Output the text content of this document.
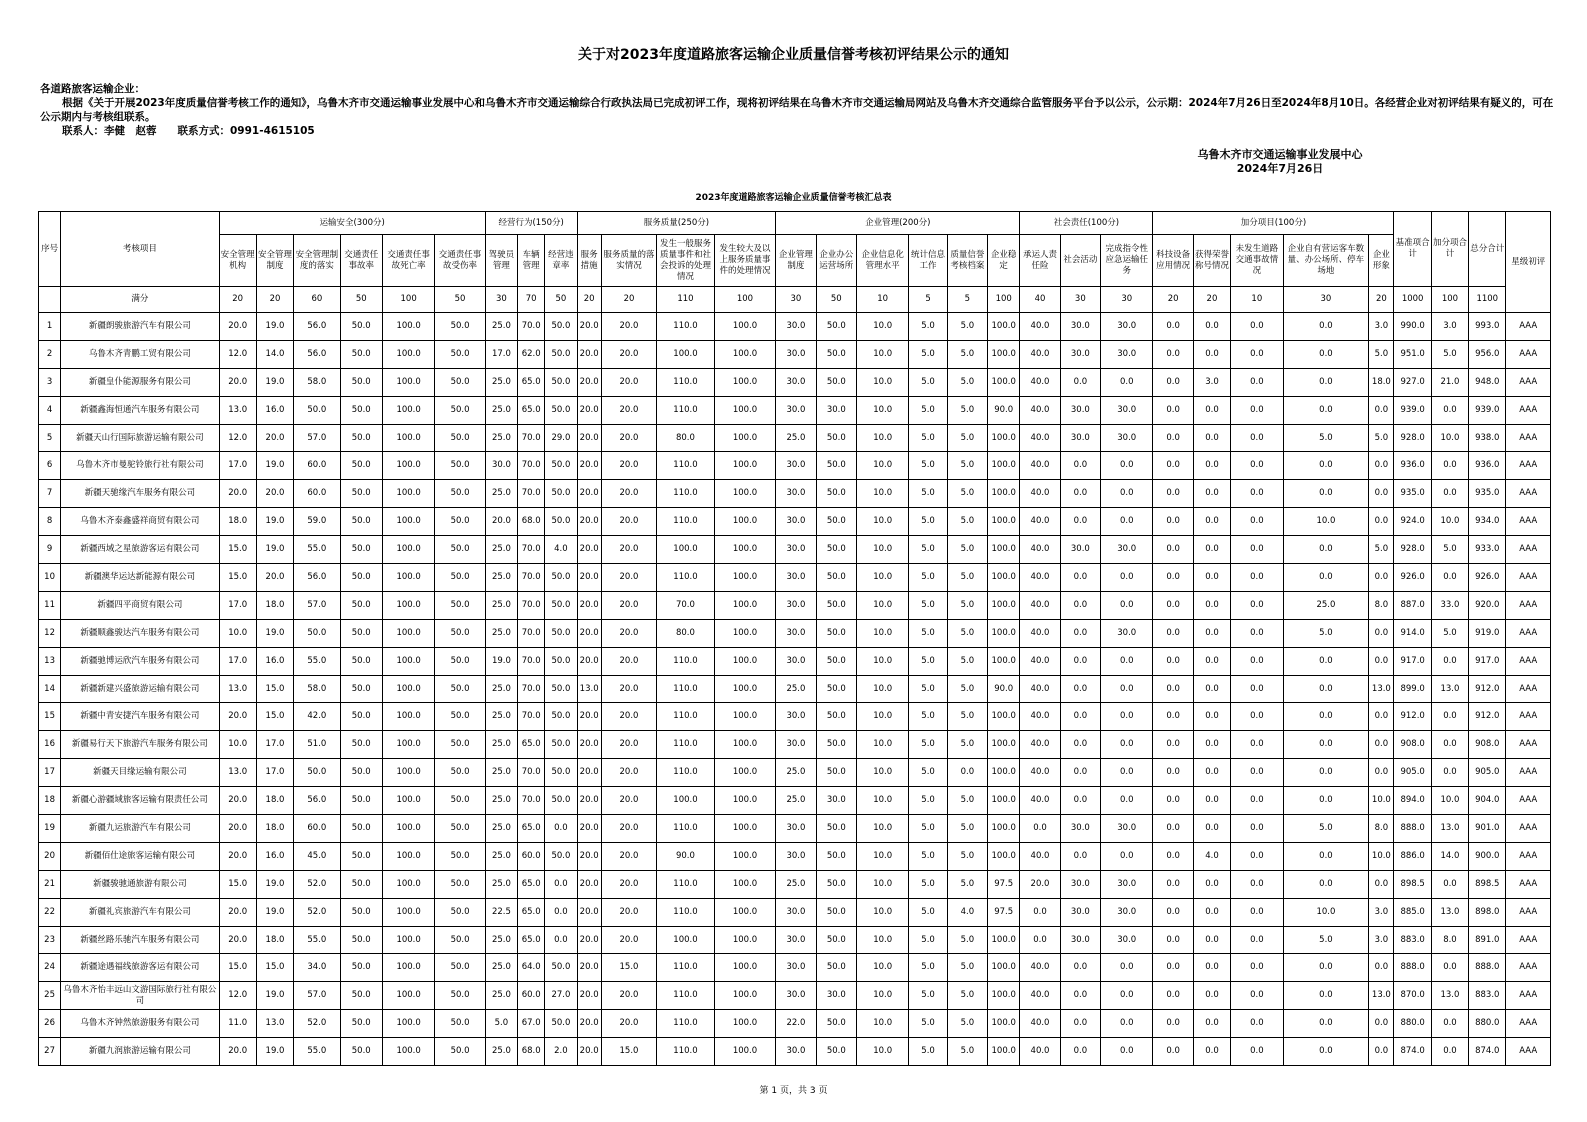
关于对2023年度道路旅客运输企业质量信誉考核初评结果公示的通知

各道路旅客运输企业：

根据《关于开展2023年度质量信誉考核工作的通知》，乌鲁木齐市交通运输事业发展中心和乌鲁木齐市交通运输综合行政执法局已完成初评工作，现将初评结果在乌鲁木齐市交通运输局网站及乌鲁木齐交通综合监管服务平台予以公示，公示期：2024年7月26日至2024年8月10日。各经营企业对初评结果有疑义的，可在公示期内与考核组联系。

联系人：李健　赵蓉　　联系方式：0991-4615105

乌鲁木齐市交通运输事业发展中心
2024年7月26日
2023年度道路旅客运输企业质量信誉考核汇总表
序号	考核项目	运输安全(300分)						经营行为(150分)			服务质量(250分)				企业管理(200分)						社会责任(100分)			加分项目(100分)					基准项合计	加分项合计	总分合计	星级初评
		安全管理机构	安全管理制度	安全管理制度的落实	交通责任事故率	交通责任事故死亡率	交通责任事故受伤率	驾驶员管理	车辆管理	经营违章率	服务措施	服务质量的落实情况	发生一般服务质量事件和社会投诉的处理情况	发生较大及以上服务质量事件的处理情况	企业管理制度	企业办公运营场所	企业信息化管理水平	统计信息工作	质量信誉考核档案	企业稳定	承运人责任险	社会活动	完成指令性应急运输任务	科技设备应用情况	获得荣誉称号情况	未发生道路交通事故情况	企业自有营运客车数量、办公场所、停车场地	企业形象				
	满分	20	20	60	50	100	50	30	70	50	20	20	110	100	30	50	10	5	5	100	40	30	30	20	20	10	30	20	1000	100	1100	
1	新疆朗骏旅游汽车有限公司	20.0	19.0	56.0	50.0	100.0	50.0	25.0	70.0	50.0	20.0	20.0	110.0	100.0	30.0	50.0	10.0	5.0	5.0	100.0	40.0	30.0	30.0	0.0	0.0	0.0	0.0	3.0	990.0	3.0	993.0	AAA
2	乌鲁木齐青鹏工贸有限公司	12.0	14.0	56.0	50.0	100.0	50.0	17.0	62.0	50.0	20.0	20.0	100.0	100.0	30.0	50.0	10.0	5.0	5.0	100.0	40.0	30.0	30.0	0.0	0.0	0.0	0.0	5.0	951.0	5.0	956.0	AAA
3	新疆皇仆能源服务有限公司	20.0	19.0	58.0	50.0	100.0	50.0	25.0	65.0	50.0	20.0	20.0	110.0	100.0	30.0	50.0	10.0	5.0	5.0	100.0	40.0	0.0	0.0	0.0	3.0	0.0	0.0	18.0	927.0	21.0	948.0	AAA
4	新疆鑫海恒通汽车服务有限公司	13.0	16.0	50.0	50.0	100.0	50.0	25.0	65.0	50.0	20.0	20.0	110.0	100.0	30.0	30.0	10.0	5.0	5.0	90.0	40.0	30.0	30.0	0.0	0.0	0.0	0.0	0.0	939.0	0.0	939.0	AAA
5	新疆天山行国际旅游运输有限公司	12.0	20.0	57.0	50.0	100.0	50.0	25.0	70.0	29.0	20.0	20.0	80.0	100.0	25.0	50.0	10.0	5.0	5.0	100.0	40.0	30.0	30.0	0.0	0.0	0.0	5.0	5.0	928.0	10.0	938.0	AAA
6	乌鲁木齐市曼驼铃旅行社有限公司	17.0	19.0	60.0	50.0	100.0	50.0	30.0	70.0	50.0	20.0	20.0	110.0	100.0	30.0	50.0	10.0	5.0	5.0	100.0	40.0	0.0	0.0	0.0	0.0	0.0	0.0	0.0	936.0	0.0	936.0	AAA
7	新疆天驰缘汽车服务有限公司	20.0	20.0	60.0	50.0	100.0	50.0	25.0	70.0	50.0	20.0	20.0	110.0	100.0	30.0	50.0	10.0	5.0	5.0	100.0	40.0	0.0	0.0	0.0	0.0	0.0	0.0	0.0	935.0	0.0	935.0	AAA
8	乌鲁木齐泰鑫盛祥商贸有限公司	18.0	19.0	59.0	50.0	100.0	50.0	20.0	68.0	50.0	20.0	20.0	110.0	100.0	30.0	50.0	10.0	5.0	5.0	100.0	40.0	0.0	0.0	0.0	0.0	0.0	10.0	0.0	924.0	10.0	934.0	AAA
9	新疆西域之星旅游客运有限公司	15.0	19.0	55.0	50.0	100.0	50.0	25.0	70.0	4.0	20.0	20.0	100.0	100.0	30.0	50.0	10.0	5.0	5.0	100.0	40.0	30.0	30.0	0.0	0.0	0.0	0.0	5.0	928.0	5.0	933.0	AAA
10	新疆澳华运达新能源有限公司	15.0	20.0	56.0	50.0	100.0	50.0	25.0	70.0	50.0	20.0	20.0	110.0	100.0	30.0	50.0	10.0	5.0	5.0	100.0	40.0	0.0	0.0	0.0	0.0	0.0	0.0	0.0	926.0	0.0	926.0	AAA
11	新疆四平商贸有限公司	17.0	18.0	57.0	50.0	100.0	50.0	25.0	70.0	50.0	20.0	20.0	70.0	100.0	30.0	50.0	10.0	5.0	5.0	100.0	40.0	0.0	0.0	0.0	0.0	0.0	25.0	8.0	887.0	33.0	920.0	AAA
12	新疆顺鑫骏达汽车服务有限公司	10.0	19.0	50.0	50.0	100.0	50.0	25.0	70.0	50.0	20.0	20.0	80.0	100.0	30.0	50.0	10.0	5.0	5.0	100.0	40.0	0.0	30.0	0.0	0.0	0.0	5.0	0.0	914.0	5.0	919.0	AAA
13	新疆驰博运欣汽车服务有限公司	17.0	16.0	55.0	50.0	100.0	50.0	19.0	70.0	50.0	20.0	20.0	110.0	100.0	30.0	50.0	10.0	5.0	5.0	100.0	40.0	0.0	0.0	0.0	0.0	0.0	0.0	0.0	917.0	0.0	917.0	AAA
14	新疆新建兴盛旅游运输有限公司	13.0	15.0	58.0	50.0	100.0	50.0	25.0	70.0	50.0	13.0	20.0	110.0	100.0	25.0	50.0	10.0	5.0	5.0	90.0	40.0	0.0	0.0	0.0	0.0	0.0	0.0	13.0	899.0	13.0	912.0	AAA
15	新疆中青安捷汽车服务有限公司	20.0	15.0	42.0	50.0	100.0	50.0	25.0	70.0	50.0	20.0	20.0	110.0	100.0	30.0	50.0	10.0	5.0	5.0	100.0	40.0	0.0	0.0	0.0	0.0	0.0	0.0	0.0	912.0	0.0	912.0	AAA
16	新疆易行天下旅游汽车服务有限公司	10.0	17.0	51.0	50.0	100.0	50.0	25.0	65.0	50.0	20.0	20.0	110.0	100.0	30.0	50.0	10.0	5.0	5.0	100.0	40.0	0.0	0.0	0.0	0.0	0.0	0.0	0.0	908.0	0.0	908.0	AAA
17	新疆天目缘运输有限公司	13.0	17.0	50.0	50.0	100.0	50.0	25.0	70.0	50.0	20.0	20.0	110.0	100.0	25.0	50.0	10.0	5.0	0.0	100.0	40.0	0.0	0.0	0.0	0.0	0.0	0.0	0.0	905.0	0.0	905.0	AAA
18	新疆心游疆域旅客运输有限责任公司	20.0	18.0	56.0	50.0	100.0	50.0	25.0	70.0	50.0	20.0	20.0	100.0	100.0	25.0	30.0	10.0	5.0	5.0	100.0	40.0	0.0	0.0	0.0	0.0	0.0	0.0	10.0	894.0	10.0	904.0	AAA
19	新疆九运旅游汽车有限公司	20.0	18.0	60.0	50.0	100.0	50.0	25.0	65.0	0.0	20.0	20.0	110.0	100.0	30.0	50.0	10.0	5.0	5.0	100.0	0.0	30.0	30.0	0.0	0.0	0.0	5.0	8.0	888.0	13.0	901.0	AAA
20	新疆佰仕途旅客运输有限公司	20.0	16.0	45.0	50.0	100.0	50.0	25.0	60.0	50.0	20.0	20.0	90.0	100.0	30.0	50.0	10.0	5.0	5.0	100.0	40.0	0.0	0.0	0.0	4.0	0.0	0.0	10.0	886.0	14.0	900.0	AAA
21	新疆骏驰通旅游有限公司	15.0	19.0	52.0	50.0	100.0	50.0	25.0	65.0	0.0	20.0	20.0	110.0	100.0	25.0	50.0	10.0	5.0	5.0	97.5	20.0	30.0	30.0	0.0	0.0	0.0	0.0	0.0	898.5	0.0	898.5	AAA
22	新疆礼宾旅游汽车有限公司	20.0	19.0	52.0	50.0	100.0	50.0	22.5	65.0	0.0	20.0	20.0	110.0	100.0	30.0	50.0	10.0	5.0	4.0	97.5	0.0	30.0	30.0	0.0	0.0	0.0	10.0	3.0	885.0	13.0	898.0	AAA
23	新疆丝路乐驰汽车服务有限公司	20.0	18.0	55.0	50.0	100.0	50.0	25.0	65.0	0.0	20.0	20.0	100.0	100.0	30.0	50.0	10.0	5.0	5.0	100.0	0.0	30.0	30.0	0.0	0.0	0.0	5.0	3.0	883.0	8.0	891.0	AAA
24	新疆途遇福线旅游客运有限公司	15.0	15.0	34.0	50.0	100.0	50.0	25.0	64.0	50.0	20.0	15.0	110.0	100.0	30.0	50.0	10.0	5.0	5.0	100.0	40.0	0.0	0.0	0.0	0.0	0.0	0.0	0.0	888.0	0.0	888.0	AAA
25	乌鲁木齐怡丰远山文游国际旅行社有限公司	12.0	19.0	57.0	50.0	100.0	50.0	25.0	60.0	27.0	20.0	20.0	110.0	100.0	30.0	30.0	10.0	5.0	5.0	100.0	40.0	0.0	0.0	0.0	0.0	0.0	0.0	13.0	870.0	13.0	883.0	AAA
26	乌鲁木齐钟然旅游服务有限公司	11.0	13.0	52.0	50.0	100.0	50.0	5.0	67.0	50.0	20.0	20.0	110.0	100.0	22.0	50.0	10.0	5.0	5.0	100.0	40.0	0.0	0.0	0.0	0.0	0.0	0.0	0.0	880.0	0.0	880.0	AAA
27	新疆九润旅游运输有限公司	20.0	19.0	55.0	50.0	100.0	50.0	25.0	68.0	2.0	20.0	15.0	110.0	100.0	30.0	50.0	10.0	5.0	5.0	100.0	40.0	0.0	0.0	0.0	0.0	0.0	0.0	0.0	874.0	0.0	874.0	AAA
第 1 页，共 3 页
